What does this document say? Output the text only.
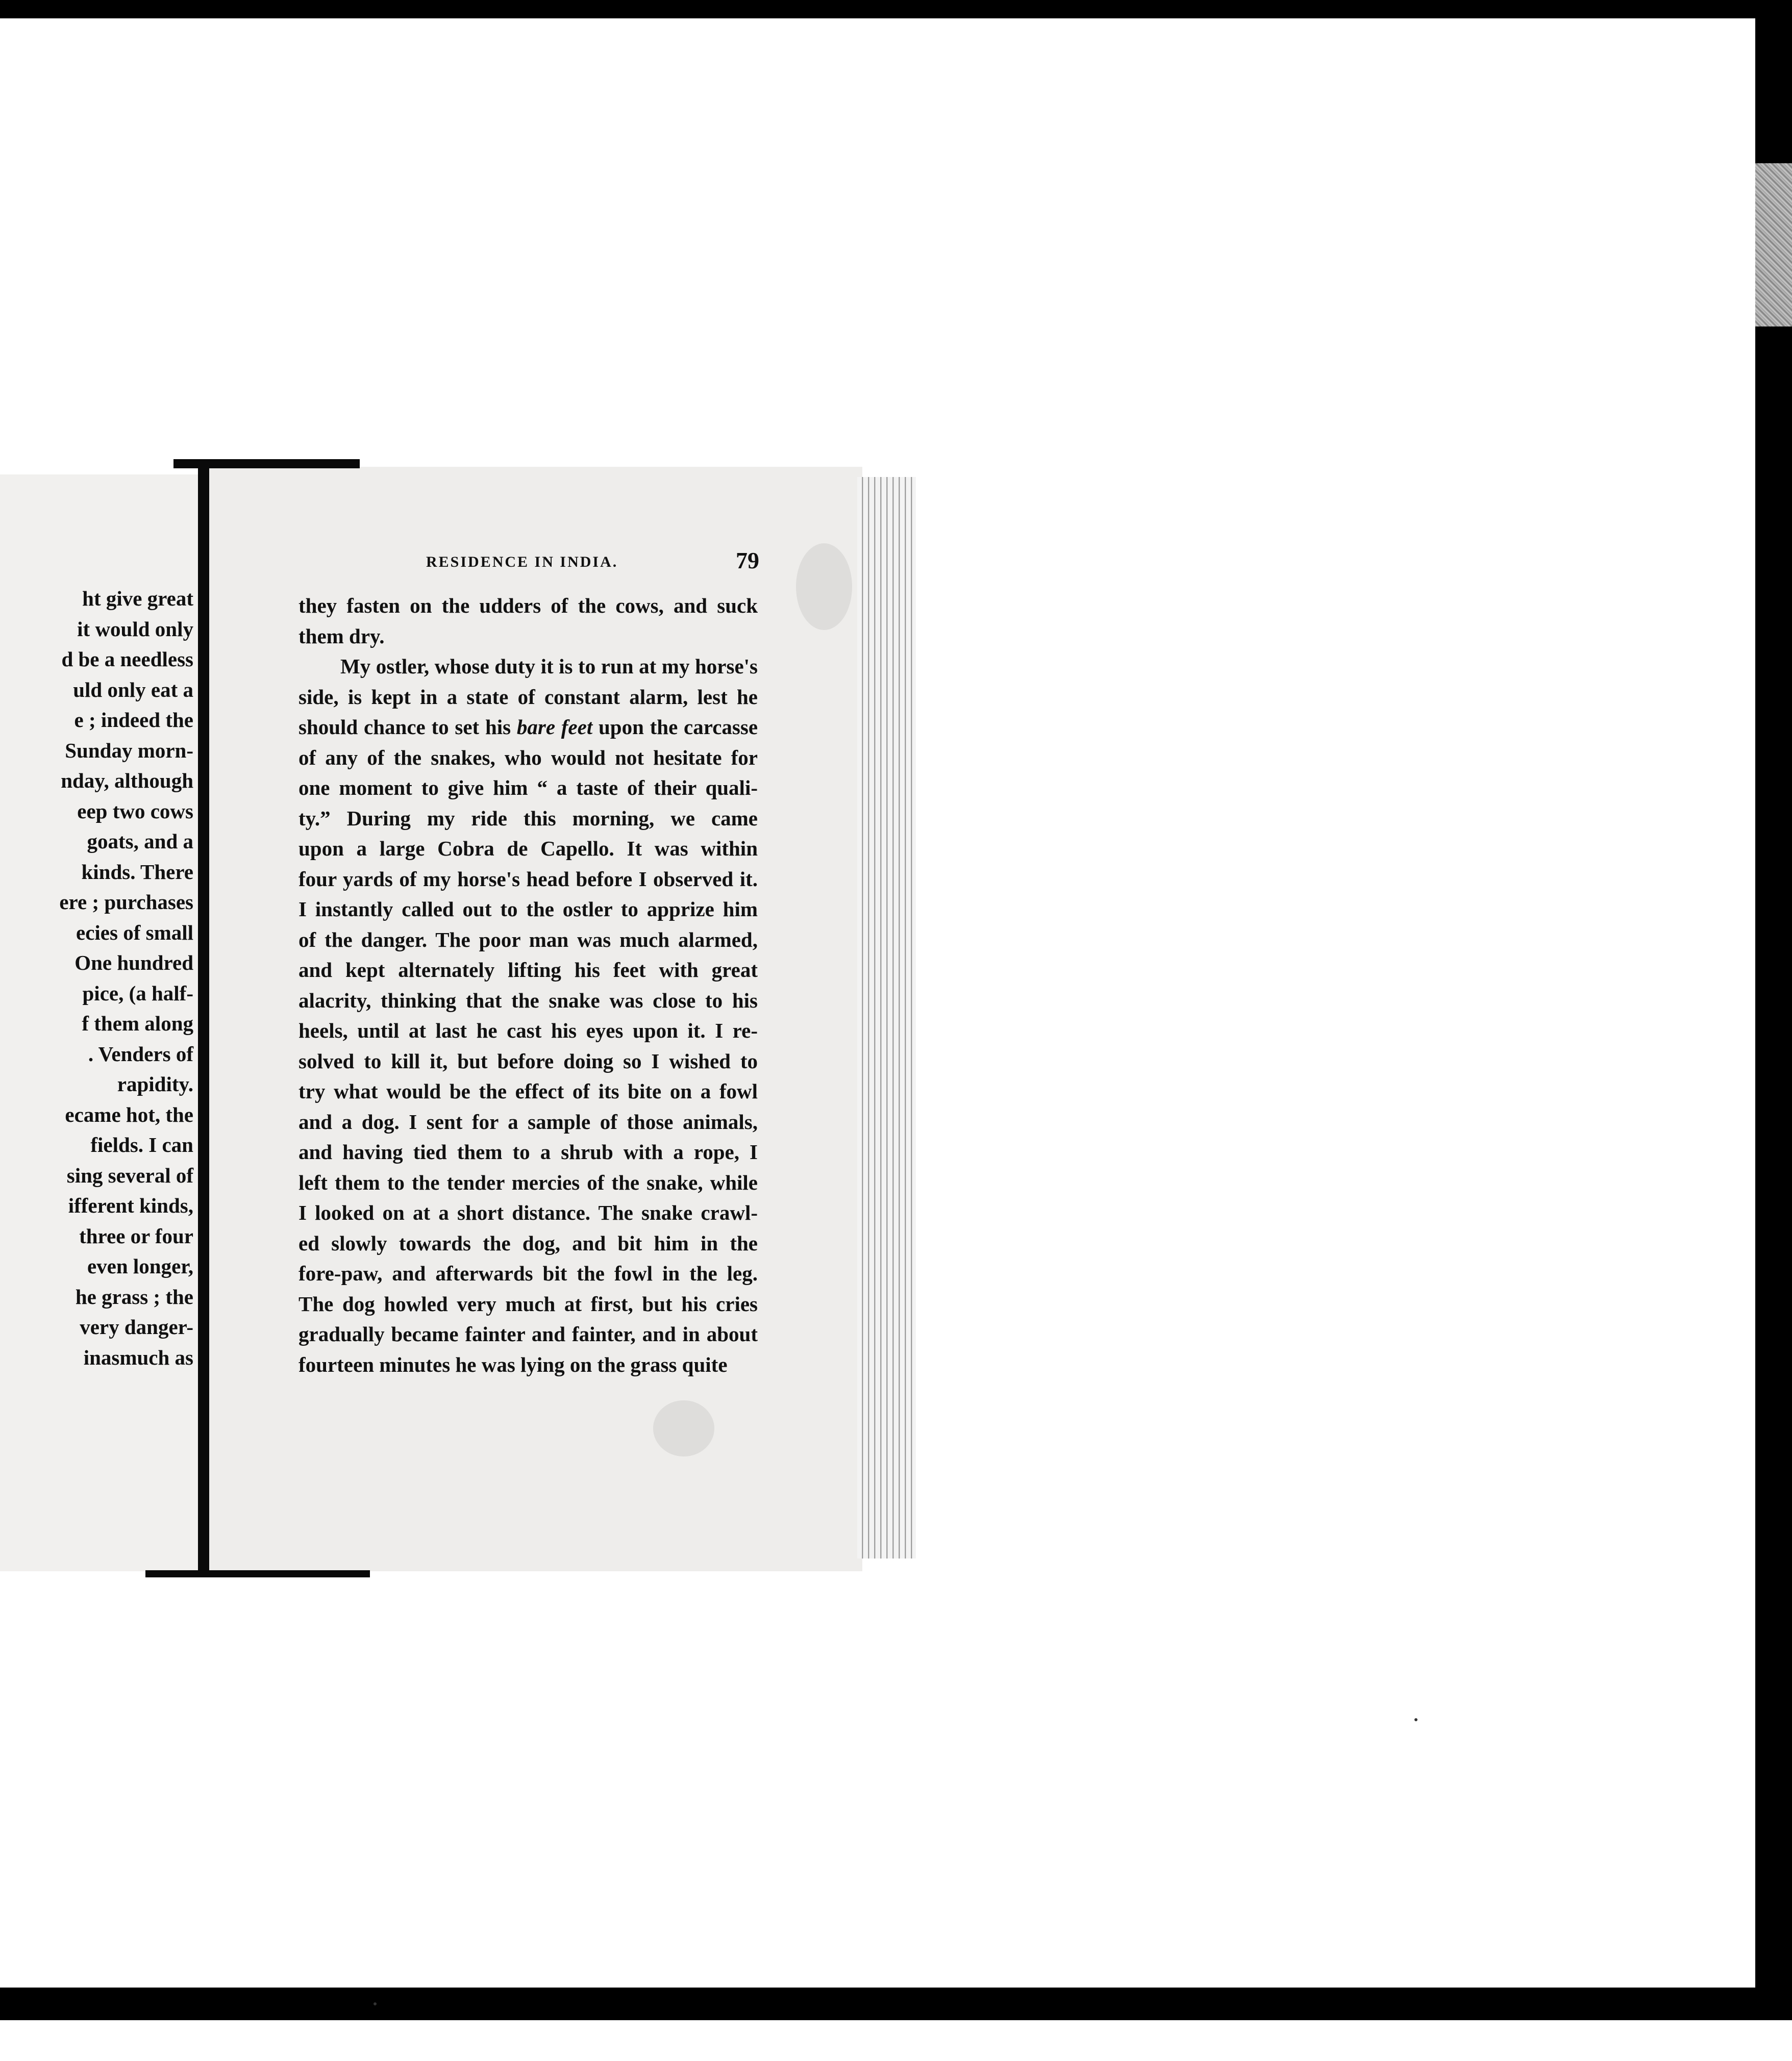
ht give great
it would only
d be a needless
uld only eat a
e ; indeed the
Sunday morn-
nday, although
eep two cows
goats, and a
kinds. There
ere ; purchases
ecies of small
One hundred
pice, (a half-
f them along
. Venders of
rapidity.
ecame hot, the
fields. I can
sing several of
ifferent kinds,
three or four
even longer,
he grass ; the
very danger-
inasmuch as
RESIDENCE IN INDIA.	79
they fasten on the udders of the cows, and suck
them dry.
My ostler, whose duty it is to run at my horse's
side, is kept in a state of constant alarm, lest he
should chance to set his bare feet upon the carcasse
of any of the snakes, who would not hesitate for
one moment to give him “ a taste of their quali-
ty.” During my ride this morning, we came
upon a large Cobra de Capello. It was within
four yards of my horse's head before I observed it.
I instantly called out to the ostler to apprize him
of the danger. The poor man was much alarmed,
and kept alternately lifting his feet with great
alacrity, thinking that the snake was close to his
heels, until at last he cast his eyes upon it. I re-
solved to kill it, but before doing so I wished to
try what would be the effect of its bite on a fowl
and a dog. I sent for a sample of those animals,
and having tied them to a shrub with a rope, I
left them to the tender mercies of the snake, while
I looked on at a short distance. The snake crawl-
ed slowly towards the dog, and bit him in the
fore-paw, and afterwards bit the fowl in the leg.
The dog howled very much at first, but his cries
gradually became fainter and fainter, and in about
fourteen minutes he was lying on the grass quite
